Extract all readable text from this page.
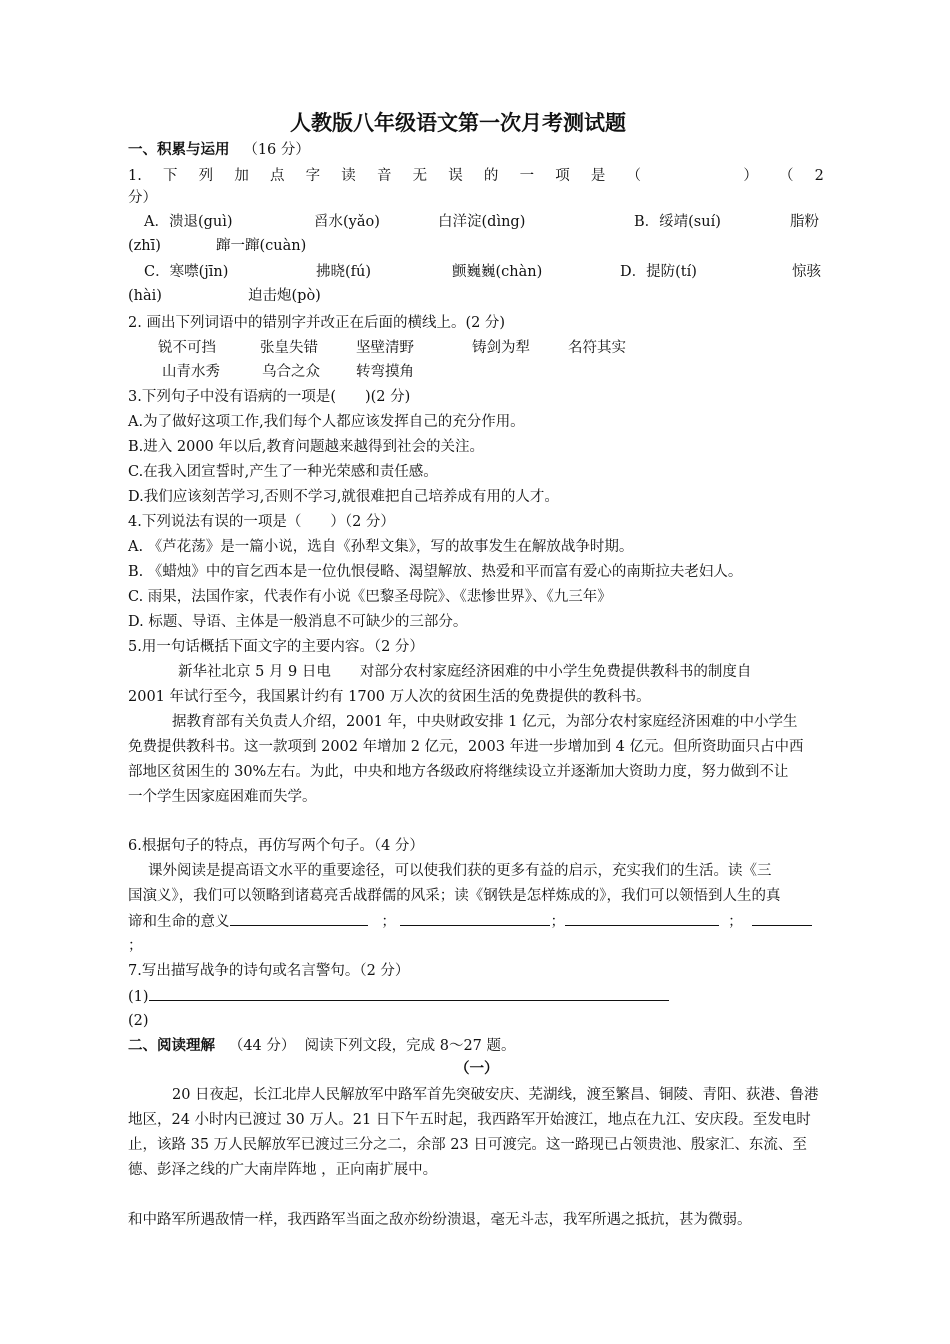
人教版八年级语文第一次月考测试题
一、积累与运用 （16 分）
1. 下 列 加 点 字 读 音 无 误 的 一 项 是 （	） （ 2
分）
A．溃退(guì)	舀水(yǎo)	白洋淀(dìng)	B．绥靖(suí)	脂粉
(zhī)	蹿一蹿(cuàn)
C．寒噤(jīn)	拂晓(fú)	颤巍巍(chàn)	D．提防(tí)	惊骇
(hài)	迫击炮(pò)
2. 画出下列词语中的错别字并改正在后面的横线上。(2 分)
锐不可挡	张皇失错	坚壁清野	铸剑为犁	名符其实
山青水秀	乌合之众 转弯摸角
3.下列句子中没有语病的一项是(　　)(2 分)
A.为了做好这项工作,我们每个人都应该发挥自己的充分作用。
B.进入 2000 年以后,教育问题越来越得到社会的关注。
C.在我入团宣誓时,产生了一种光荣感和责任感。
D.我们应该刻苦学习,否则不学习,就很难把自己培养成有用的人才。
4.下列说法有误的一项是（　　）（2 分）
A. 《芦花荡》是一篇小说，选自《孙犁文集》，写的故事发生在解放战争时期。
B. 《蜡烛》中的盲乞西本是一位仇恨侵略、渴望解放、热爱和平而富有爱心的南斯拉夫老妇人。
C. 雨果，法国作家，代表作有小说《巴黎圣母院》、《悲惨世界》、《九三年》
D. 标题、导语、主体是一般消息不可缺少的三部分。
5.用一句话概括下面文字的主要内容。（2 分）
新华社北京 5 月 9 日电　　对部分农村家庭经济困难的中小学生免费提供教科书的制度自
2001 年试行至今，我国累计约有 1700 万人次的贫困生活的免费提供的教科书。
据教育部有关负责人介绍，2001 年，中央财政安排 1 亿元，为部分农村家庭经济困难的中小学生
免费提供教科书。这一款项到 2002 年增加 2 亿元，2003 年进一步增加到 4 亿元。但所资助面只占中西
部地区贫困生的 30%左右。为此，中央和地方各级政府将继续设立并逐渐加大资助力度，努力做到不让
一个学生因家庭困难而失学。
6.根据句子的特点，再仿写两个句子。（4 分）
课外阅读是提高语文水平的重要途径，可以使我们获的更多有益的启示，充实我们的生活。读《三
国演义》，我们可以领略到诸葛亮舌战群儒的风采；读《钢铁是怎样炼成的》，我们可以领悟到人生的真
谛和生命的意义	；	；	；
；
7.写出描写战争的诗句或名言警句。（2 分）
(1)
(2)
二、阅读理解 （44 分） 阅读下列文段，完成 8～27 题。
（一）
20 日夜起，长江北岸人民解放军中路军首先突破安庆、芜湖线，渡至繁昌、铜陵、青阳、荻港、鲁港
地区，24 小时内已渡过 30 万人。21 日下午五时起，我西路军开始渡江，地点在九江、安庆段。至发电时
止，该路 35 万人民解放军已渡过三分之二，余部 23 日可渡完。这一路现已占领贵池、殷家汇、东流、至
德、彭泽之线的广大南岸阵地 ，正向南扩展中。
和中路军所遇敌情一样，我西路军当面之敌亦纷纷溃退，毫无斗志，我军所遇之抵抗，甚为微弱。
